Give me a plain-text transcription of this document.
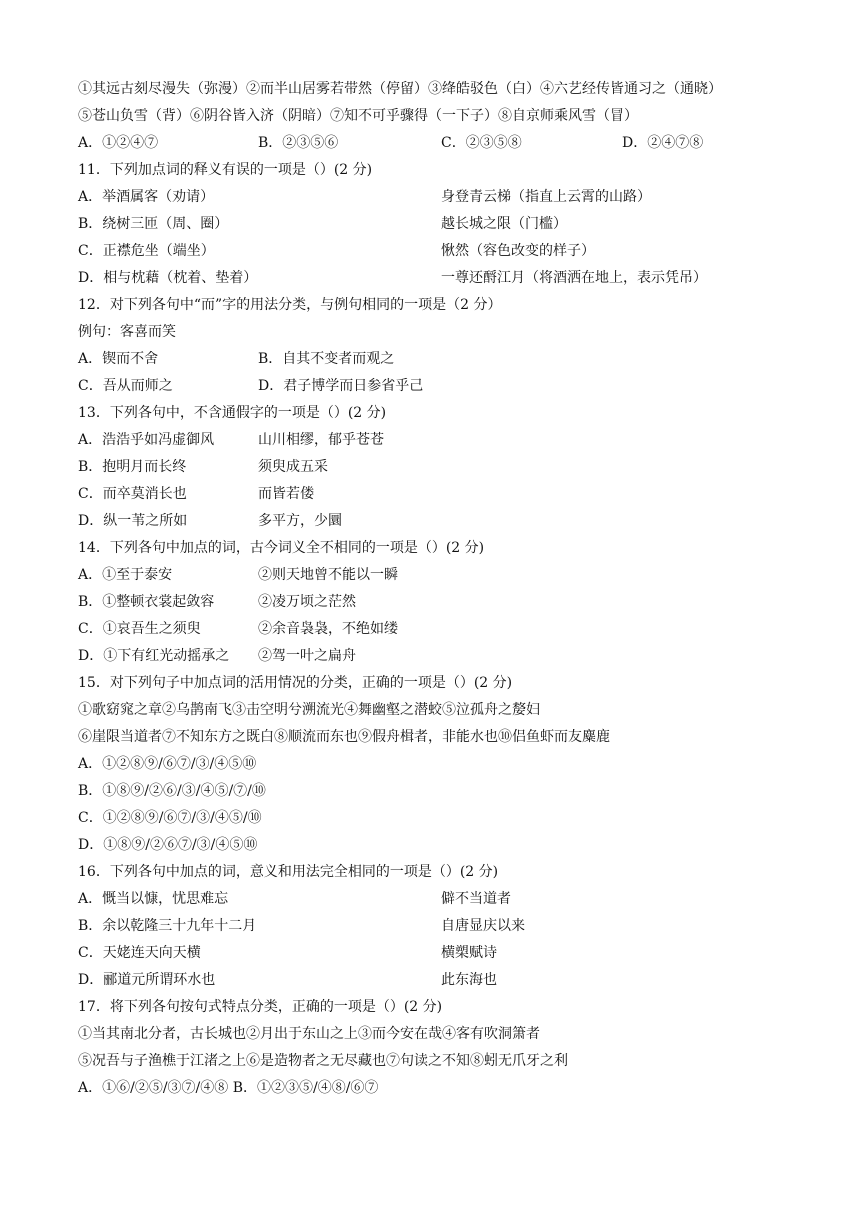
①其远古刻尽漫失（弥漫）②而半山居雾若带然（停留）③绛皓驳色（白）④六艺经传皆通习之（通晓）
⑤苍山负雪（背）⑥阴谷皆入济（阴暗）⑦知不可乎骤得（一下子）⑧自京师乘风雪（冒）
A．①②④⑦	B．②③⑤⑥	C．②③⑤⑧	D．②④⑦⑧
11．下列加点词的释义有误的一项是（）(2 分)
A．举酒属客（劝请）	身登青云梯（指直上云霄的山路）
B．绕树三匝（周、圈）	越长城之限（门槛）
C．正襟危坐（端坐）	愀然（容色改变的样子）
D．相与枕藉（枕着、垫着）	一尊还酹江月（将酒洒在地上，表示凭吊）
12．对下列各句中“而”字的用法分类，与例句相同的一项是（2 分）
例句：客喜而笑
A．锲而不舍	B．自其不变者而观之
C．吾从而师之	D．君子博学而日参省乎己
13．下列各句中，不含通假字的一项是（）(2 分)
A．浩浩乎如冯虚御风	山川相缪，郁乎苍苍
B．抱明月而长终	须臾成五采
C．而卒莫消长也	而皆若偻
D．纵一苇之所如	多平方，少圜
14．下列各句中加点的词，古今词义全不相同的一项是（）(2 分)
A．①至于泰安	②则天地曾不能以一瞬
B．①整顿衣裳起敛容	②凌万顷之茫然
C．①哀吾生之须臾	②余音袅袅，不绝如缕
D．①下有红光动摇承之 ②驾一叶之扁舟
15．对下列句子中加点词的活用情况的分类，正确的一项是（）(2 分)
①歌窈窕之章②乌鹊南飞③击空明兮溯流光④舞幽壑之潜蛟⑤泣孤舟之嫠妇
⑥崖限当道者⑦不知东方之既白⑧顺流而东也⑨假舟楫者，非能水也⑩侣鱼虾而友麋鹿
A．①②⑧⑨/⑥⑦/③/④⑤⑩
B．①⑧⑨/②⑥/③/④⑤/⑦/⑩
C．①②⑧⑨/⑥⑦/③/④⑤/⑩
D．①⑧⑨/②⑥⑦/③/④⑤⑩
16．下列各句中加点的词，意义和用法完全相同的一项是（）(2 分)
A．慨当以慷，忧思难忘	僻不当道者
B．余以乾隆三十九年十二月	自唐显庆以来
C．天姥连天向天横	横槊赋诗
D．郦道元所谓环水也	此东海也
17．将下列各句按句式特点分类，正确的一项是（）(2 分)
①当其南北分者，古长城也②月出于东山之上③而今安在哉④客有吹洞箫者
⑤况吾与子渔樵于江渚之上⑥是造物者之无尽藏也⑦句读之不知⑧蚓无爪牙之利
A．①⑥/②⑤/③⑦/④⑧ B．①②③⑤/④⑧/⑥⑦
